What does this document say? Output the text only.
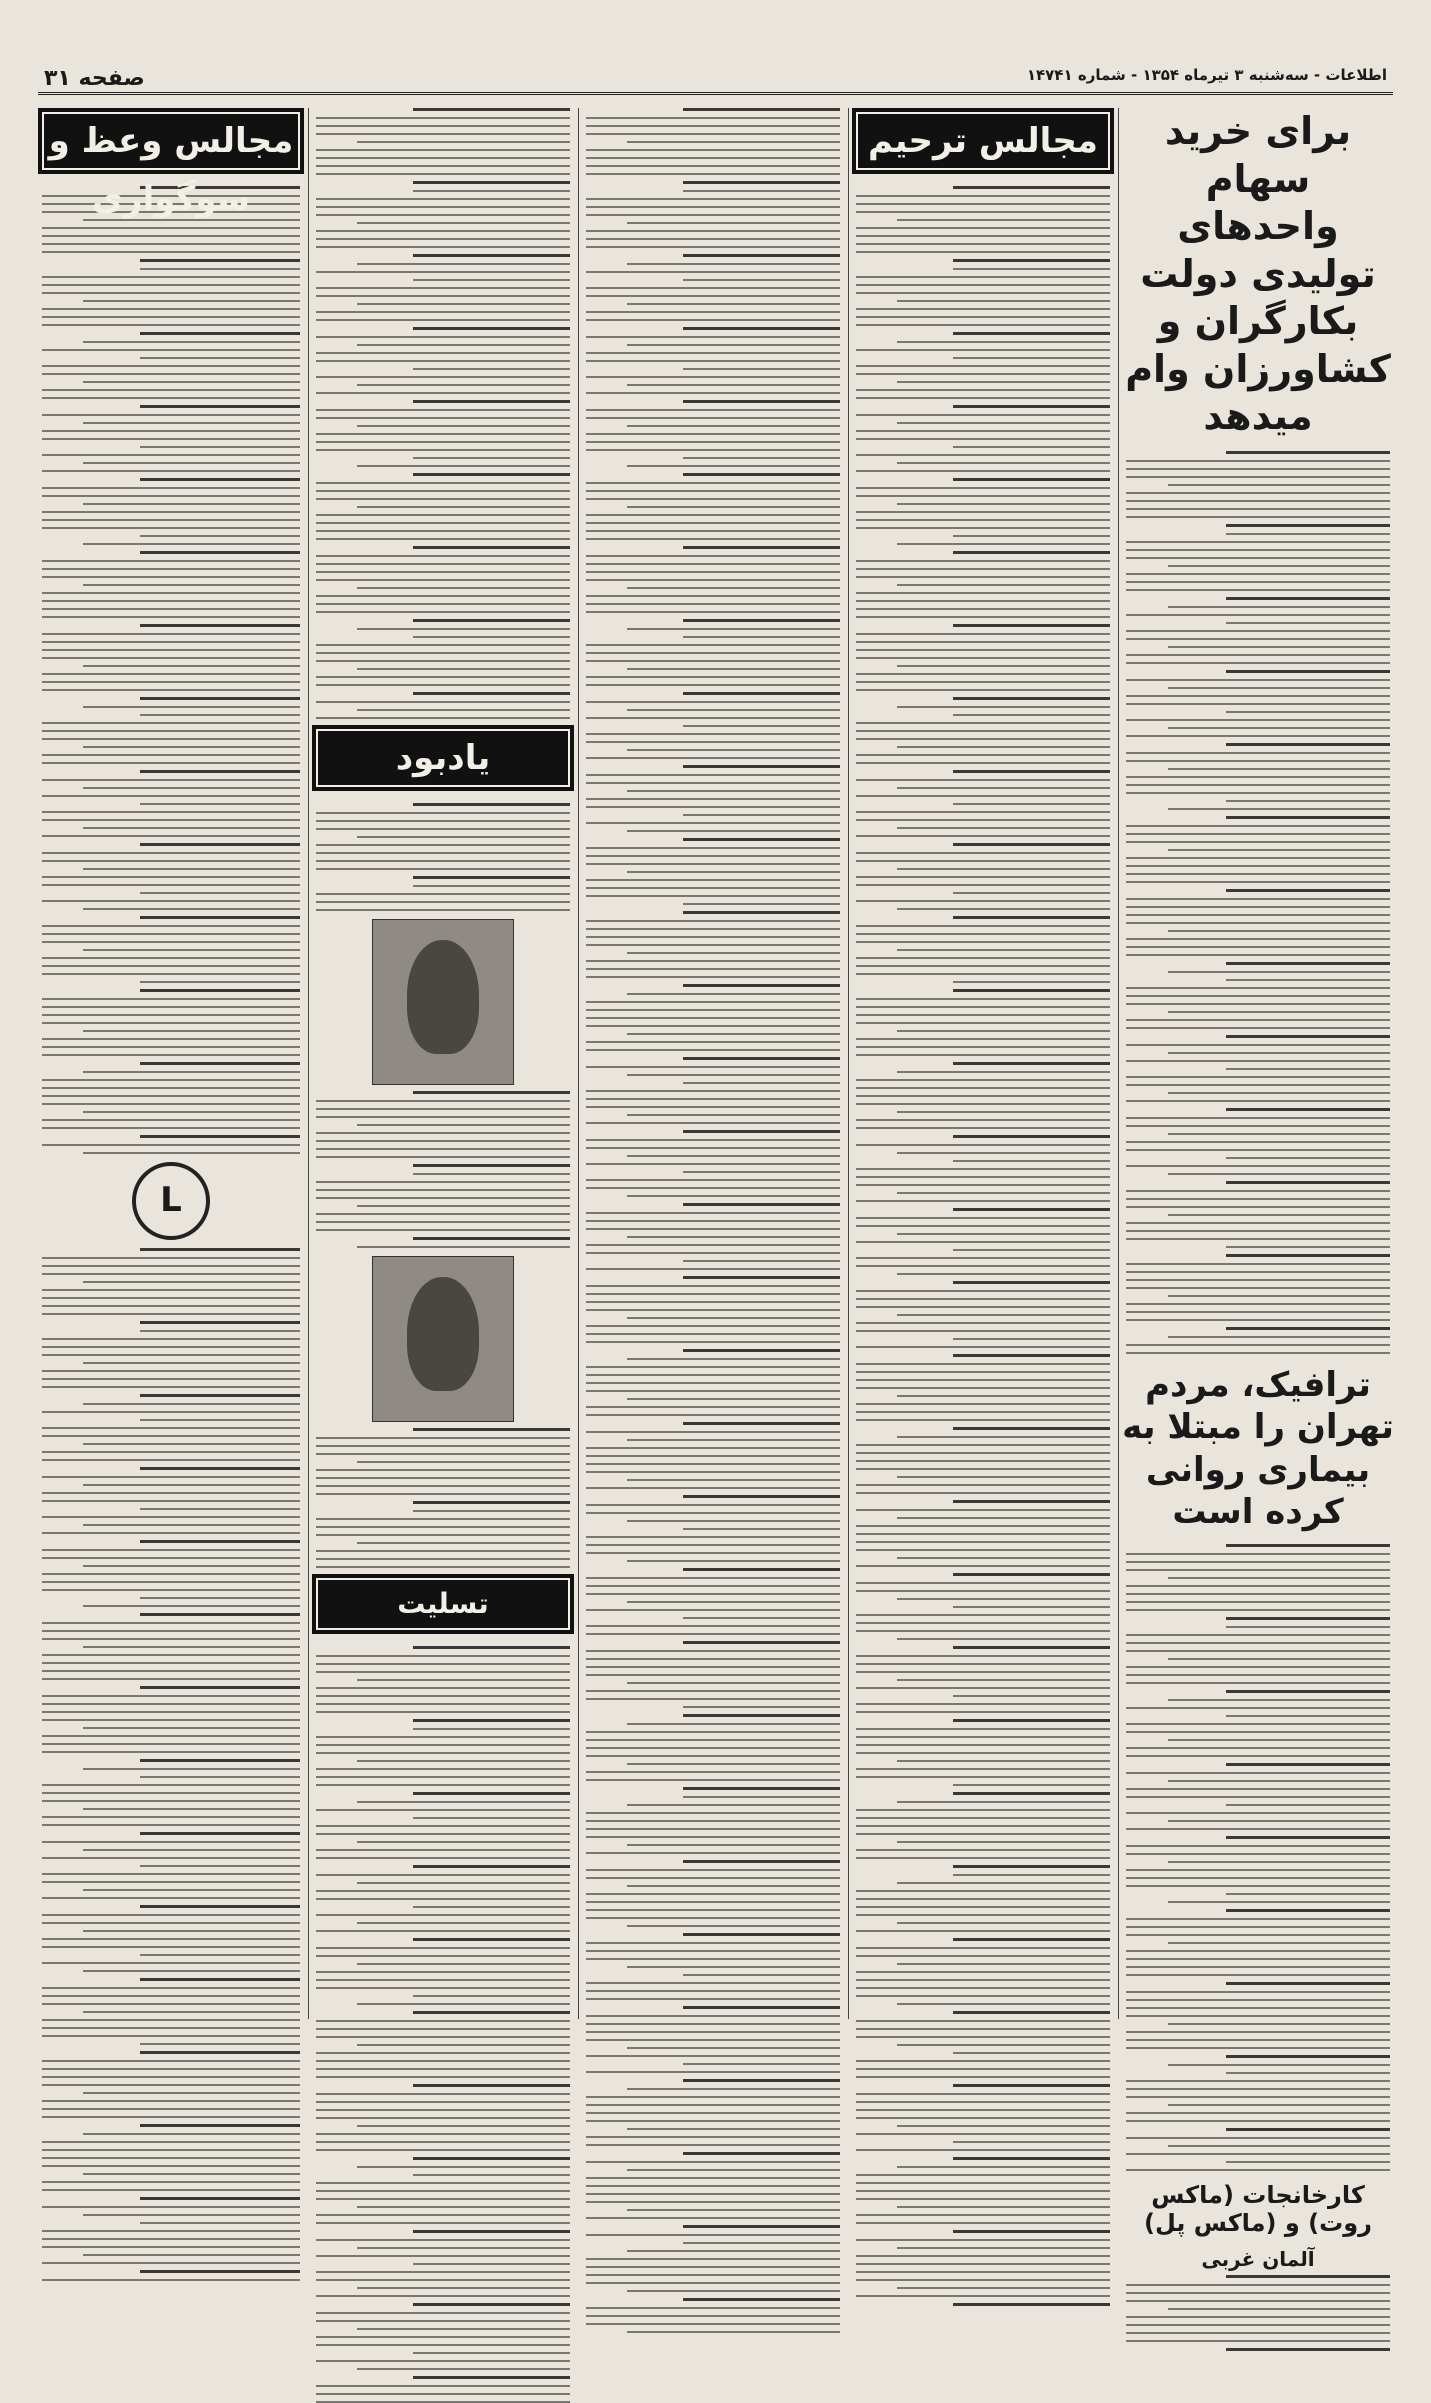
اطلاعات - سه‌شنبه ۳ تیرماه ۱۳۵۴ - شماره ۱۴۷۴۱
صفحه ۳۱
برای خرید سهام واحدهای تولیدی دولت بکارگران و کشاورزان وام میدهد
ترافیک، مردم تهران را مبتلا به بیماری روانی کرده است
کارخانجات (ماکس روت) و (ماکس پل)
آلمان غربی
مجالس ترحیم
یادبود
تسلیت
مجالس وعظ و سوگواری
L
